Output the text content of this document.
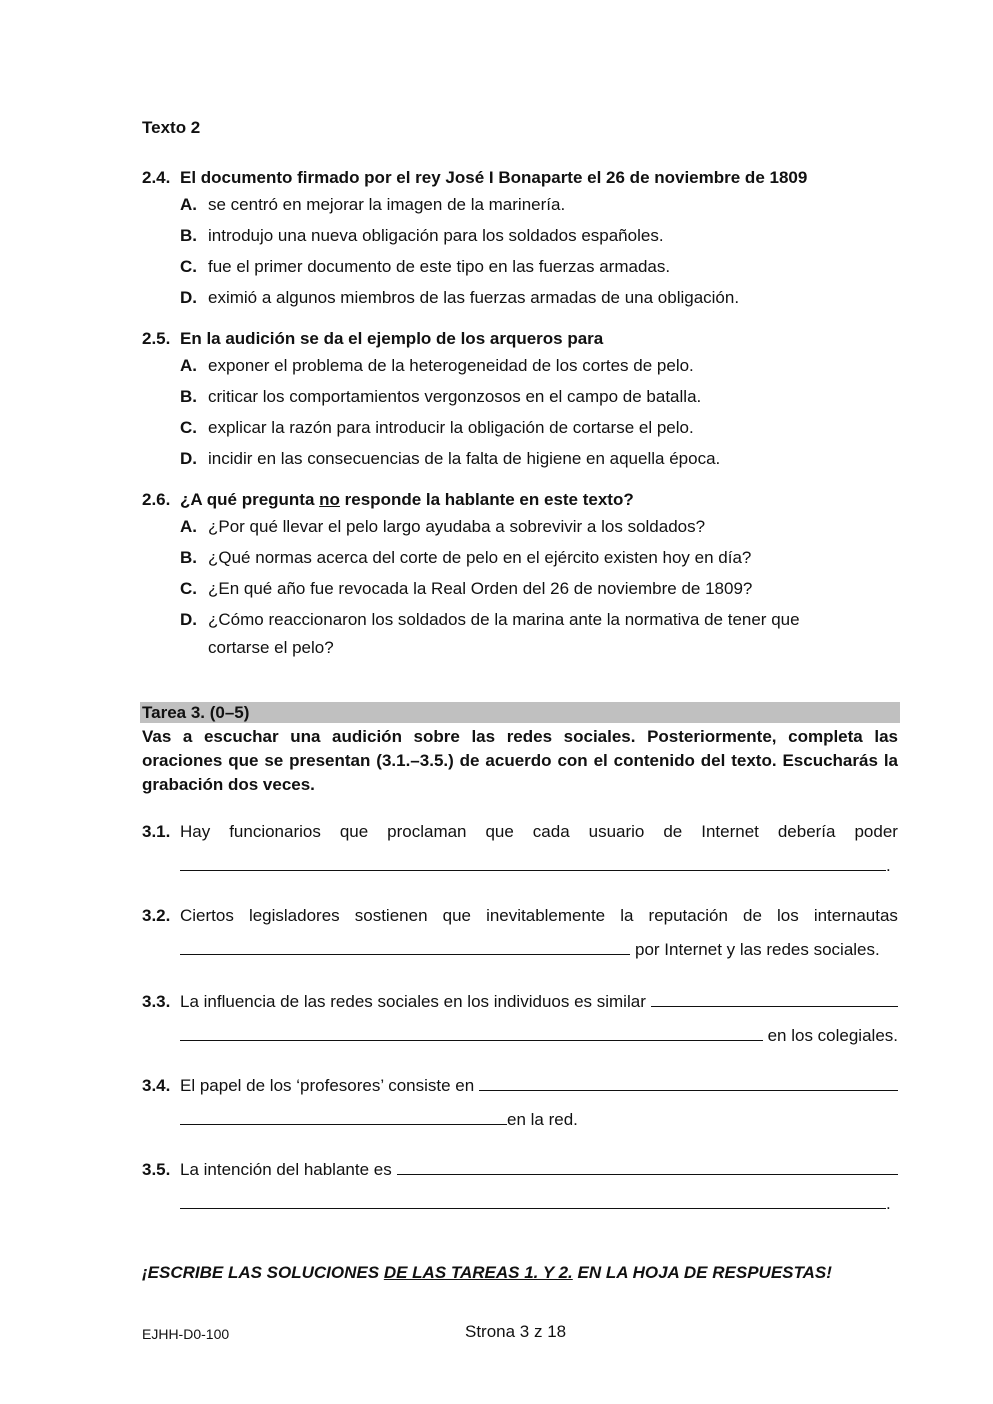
Texto 2
2.4. El documento firmado por el rey José I Bonaparte el 26 de noviembre de 1809
A. se centró en mejorar la imagen de la marinería.
B. introdujo una nueva obligación para los soldados españoles.
C. fue el primer documento de este tipo en las fuerzas armadas.
D. eximió a algunos miembros de las fuerzas armadas de una obligación.
2.5. En la audición se da el ejemplo de los arqueros para
A. exponer el problema de la heterogeneidad de los cortes de pelo.
B. criticar los comportamientos vergonzosos en el campo de batalla.
C. explicar la razón para introducir la obligación de cortarse el pelo.
D. incidir en las consecuencias de la falta de higiene en aquella época.
2.6. ¿A qué pregunta no responde la hablante en este texto?
A. ¿Por qué llevar el pelo largo ayudaba a sobrevivir a los soldados?
B. ¿Qué normas acerca del corte de pelo en el ejército existen hoy en día?
C. ¿En qué año fue revocada la Real Orden del 26 de noviembre de 1809?
D. ¿Cómo reaccionaron los soldados de la marina ante la normativa de tener que cortarse el pelo?
Tarea 3. (0–5)
Vas a escuchar una audición sobre las redes sociales. Posteriormente, completa las oraciones que se presentan (3.1.–3.5.) de acuerdo con el contenido del texto. Escucharás la grabación dos veces.
3.1. Hay funcionarios que proclaman que cada usuario de Internet debería poder
.
3.2. Ciertos legisladores sostienen que inevitablemente la reputación de los internautas
por Internet y las redes sociales.
3.3. La influencia de las redes sociales en los individuos es similar
en los colegiales.
3.4. El papel de los ‘profesores’ consiste en
en la red.
3.5. La intención del hablante es
.
¡ESCRIBE LAS SOLUCIONES DE LAS TAREAS 1. Y 2. EN LA HOJA DE RESPUESTAS!
EJHH-D0-100	Strona 3 z 18
